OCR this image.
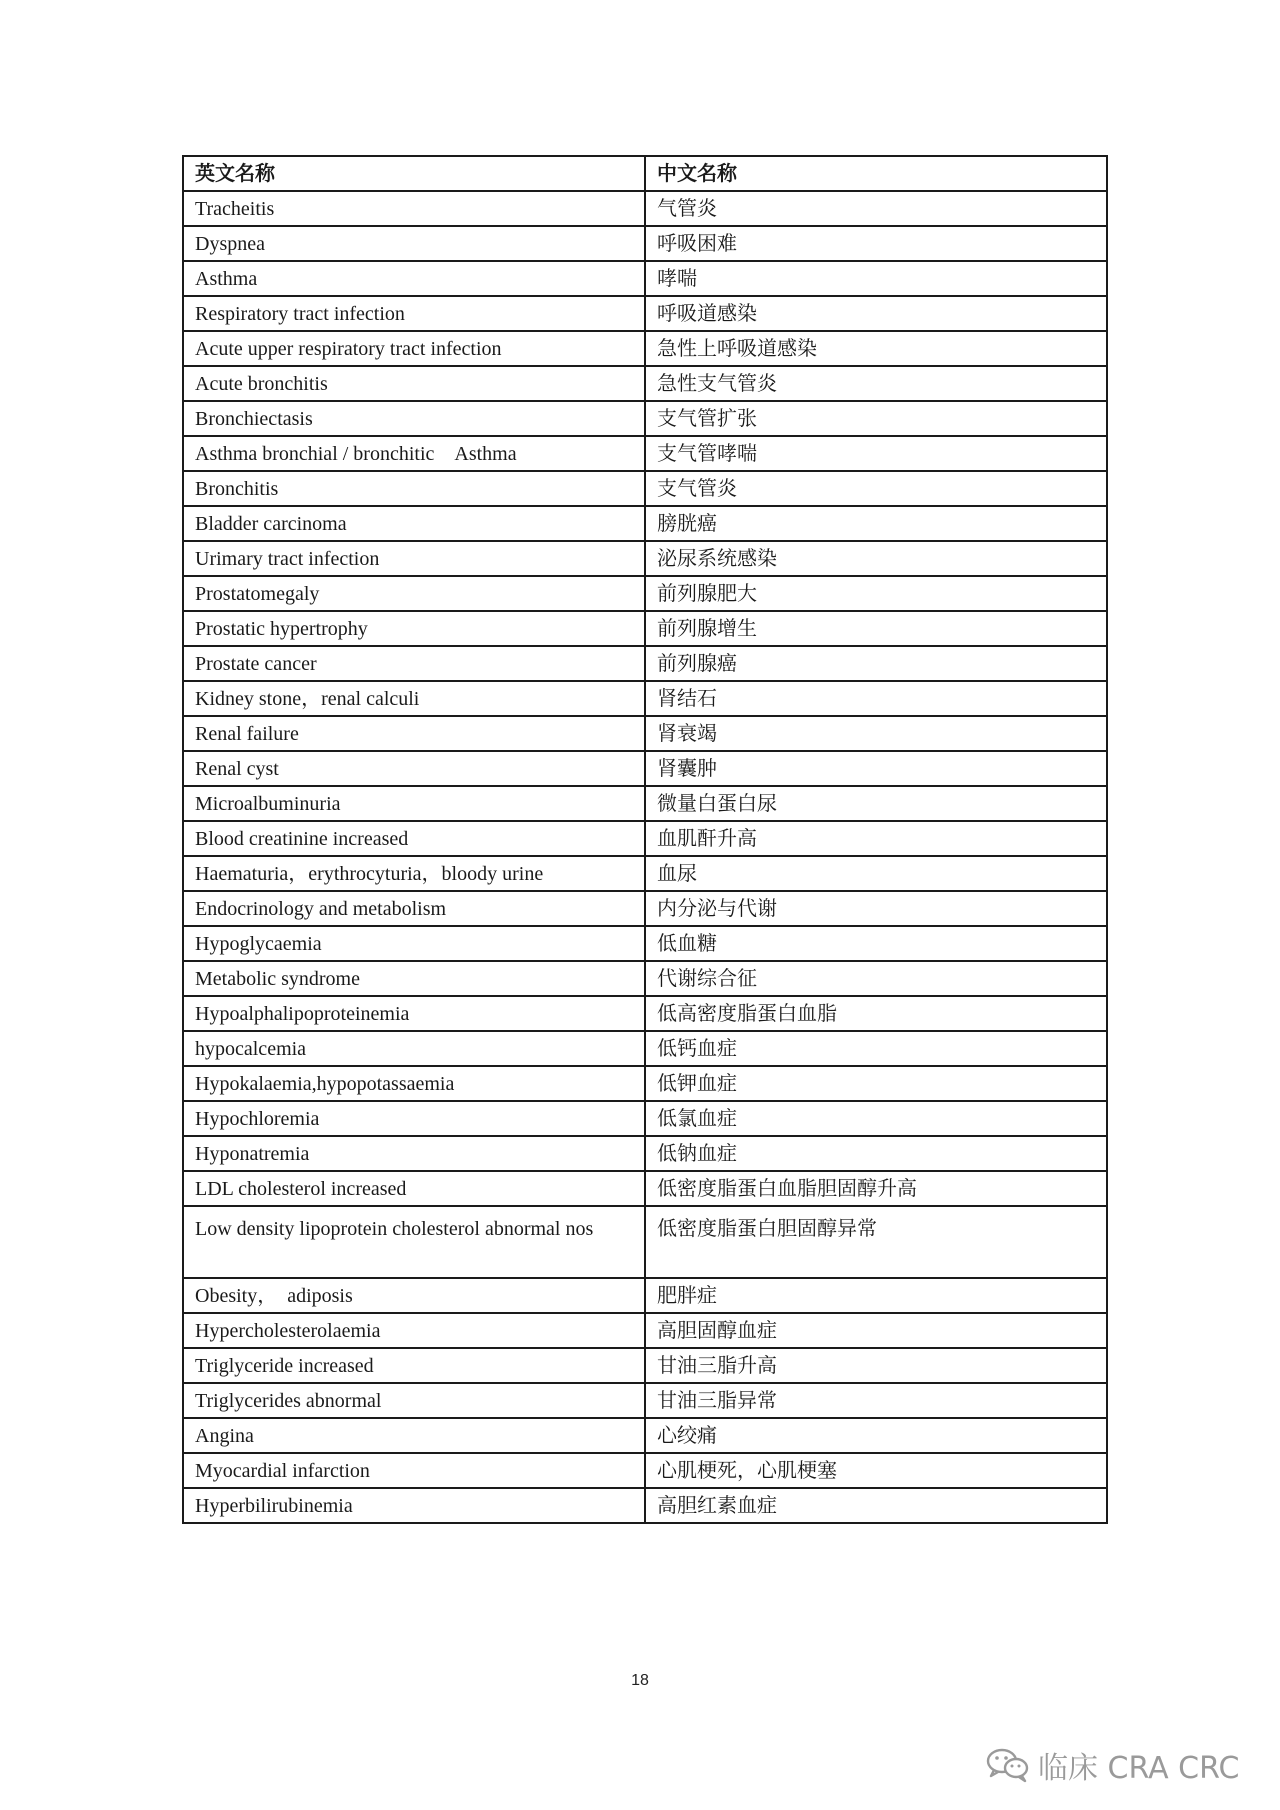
英文名称	中文名称
Tracheitis	气管炎
Dyspnea	呼吸困难
Asthma	哮喘
Respiratory tract infection	呼吸道感染
Acute upper respiratory tract infection	急性上呼吸道感染
Acute bronchitis	急性支气管炎
Bronchiectasis	支气管扩张
Asthma bronchial / bronchitic　Asthma	支气管哮喘
Bronchitis	支气管炎
Bladder carcinoma	膀胱癌
Urimary tract infection	泌尿系统感染
Prostatomegaly	前列腺肥大
Prostatic hypertrophy	前列腺增生
Prostate cancer	前列腺癌
Kidney stone，renal calculi	肾结石
Renal failure	肾衰竭
Renal cyst	肾囊肿
Microalbuminuria	微量白蛋白尿
Blood creatinine increased	血肌酐升高
Haematuria，erythrocyturia，bloody urine	血尿
Endocrinology and metabolism	内分泌与代谢
Hypoglycaemia	低血糖
Metabolic syndrome	代谢综合征
Hypoalphalipoproteinemia	低高密度脂蛋白血脂
hypocalcemia	低钙血症
Hypokalaemia,hypopotassaemia	低钾血症
Hypochloremia	低氯血症
Hyponatremia	低钠血症
LDL cholesterol increased	低密度脂蛋白血脂胆固醇升高
Low density lipoprotein cholesterol abnormal nos	低密度脂蛋白胆固醇异常
Obesity，　adiposis	肥胖症
Hypercholesterolaemia	高胆固醇血症
Triglyceride increased	甘油三脂升高
Triglycerides abnormal	甘油三脂异常
Angina	心绞痛
Myocardial infarction	心肌梗死，心肌梗塞
Hyperbilirubinemia	高胆红素血症
18
临床 CRA CRC
